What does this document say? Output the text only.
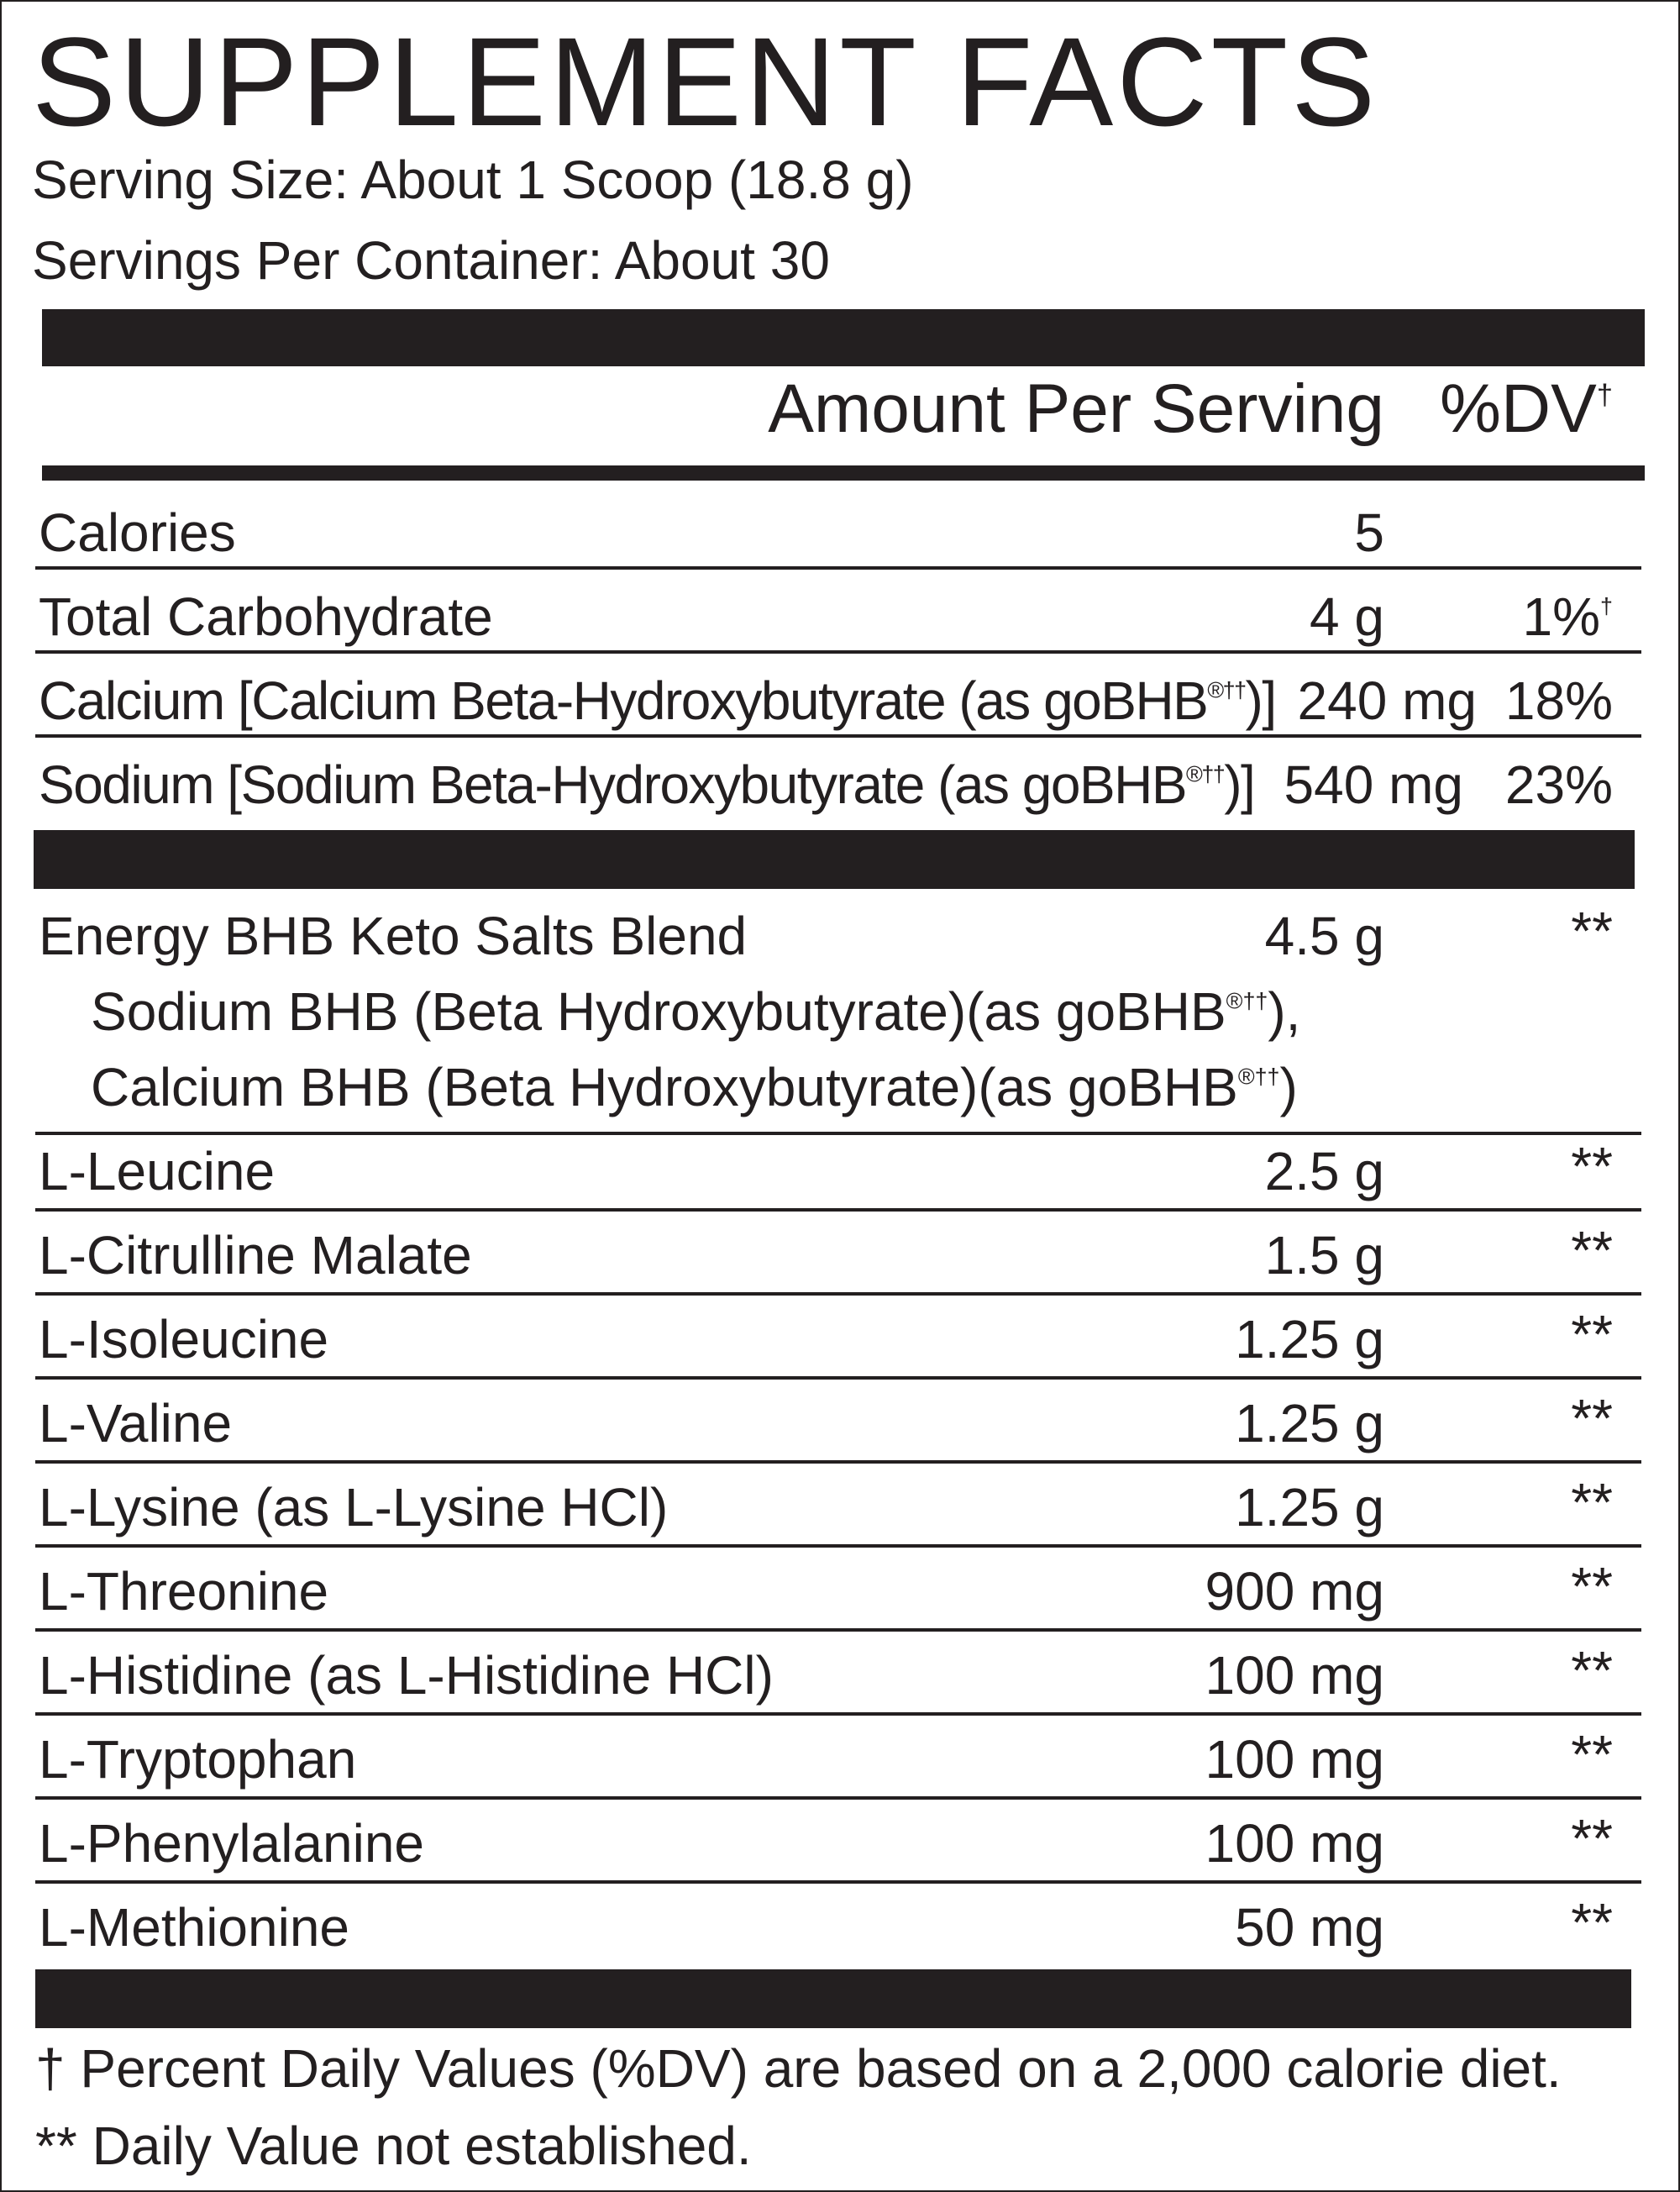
SUPPLEMENT FACTS
Serving Size: About 1 Scoop (18.8 g)
Servings Per Container: About 30
Amount Per Serving %DV†
Calories	5
Total Carbohydrate	4 g	1%†
Calcium [Calcium Beta-Hydroxybutyrate (as goBHB®††)] 240 mg 18%
Sodium [Sodium Beta-Hydroxybutyrate (as goBHB®††)] 540 mg 23%
Energy BHB Keto Salts Blend	4.5 g	**
Sodium BHB (Beta Hydroxybutyrate)(as goBHB®††),
Calcium BHB (Beta Hydroxybutyrate)(as goBHB®††)
L-Leucine	2.5 g	**
L-Citrulline Malate	1.5 g	**
L-Isoleucine	1.25 g	**
L-Valine	1.25 g	**
L-Lysine (as L-Lysine HCl)	1.25 g	**
L-Threonine	900 mg	**
L-Histidine (as L-Histidine HCl)	100 mg	**
L-Tryptophan	100 mg	**
L-Phenylalanine	100 mg	**
L-Methionine	50 mg	**
† Percent Daily Values (%DV) are based on a 2,000 calorie diet.
** Daily Value not established.
